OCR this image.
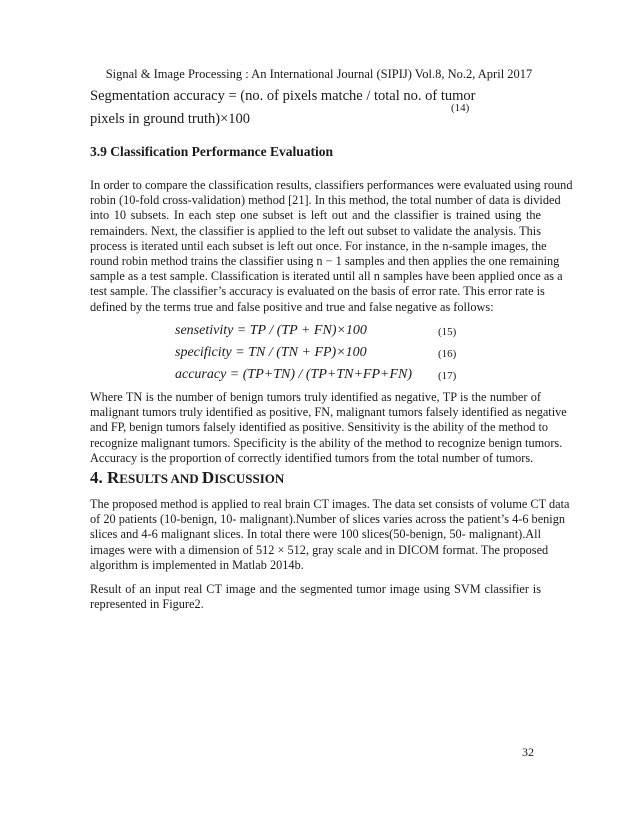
Signal & Image Processing : An International Journal (SIPIJ) Vol.8, No.2, April 2017
Segmentation accuracy = (no. of pixels matche / total no. of tumor
(14)
pixels in ground truth)×100
3.9 Classification Performance Evaluation

In order to compare the classification results, classifiers performances were evaluated using round
robin (10-fold cross-validation) method [21]. In this method, the total number of data is divided
into 10 subsets. In each step one subset is left out and the classifier is trained using the
remainders. Next, the classifier is applied to the left out subset to validate the analysis. This
process is iterated until each subset is left out once. For instance, in the n-sample images, the
round robin method trains the classifier using n − 1 samples and then applies the one remaining
sample as a test sample. Classification is iterated until all n samples have been applied once as a
test sample. The classifier’s accuracy is evaluated on the basis of error rate. This error rate is
defined by the terms true and false positive and true and false negative as follows:

sensetivity = TP / (TP + FN)×100	(15)
specificity = TN / (TN + FP)×100	(16)
accuracy = (TP+TN) / (TP+TN+FP+FN) (17)

Where TN is the number of benign tumors truly identified as negative, TP is the number of
malignant tumors truly identified as positive, FN, malignant tumors falsely identified as negative
and FP, benign tumors falsely identified as positive. Sensitivity is the ability of the method to
recognize malignant tumors. Specificity is the ability of the method to recognize benign tumors.
Accuracy is the proportion of correctly identified tumors from the total number of tumors.

4. RESULTS AND DISCUSSION

The proposed method is applied to real brain CT images. The data set consists of volume CT data
of 20 patients (10-benign, 10- malignant).Number of slices varies across the patient’s 4-6 benign
slices and 4-6 malignant slices. In total there were 100 slices(50-benign, 50- malignant).All
images were with a dimension of 512 × 512, gray scale and in DICOM format. The proposed
algorithm is implemented in Matlab 2014b.

Result of an input real CT image and the segmented tumor image using SVM classifier is
represented in Figure2.

32
